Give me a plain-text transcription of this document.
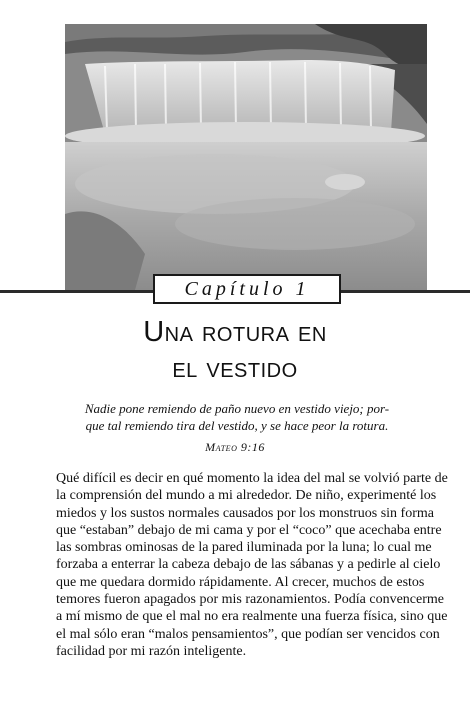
Capítulo 1
Una rotura en
el vestido
Nadie pone remiendo de paño nuevo en vestido viejo; por-
que tal remiendo tira del vestido, y se hace peor la rotura.
Mateo 9:16
Qué difícil es decir en qué momento la idea del mal se volvió parte de
la comprensión del mundo a mi alrededor. De niño, experimenté los
miedos y los sustos normales causados por los monstruos sin forma
que “estaban” debajo de mi cama y por el “coco” que acechaba entre
las sombras ominosas de la pared iluminada por la luna; lo cual me
forzaba a enterrar la cabeza debajo de las sábanas y a pedirle al cielo
que me quedara dormido rápidamente. Al crecer, muchos de estos
temores fueron apagados por mis razonamientos. Podía convencerme
a mí mismo de que el mal no era realmente una fuerza física, sino que
el mal sólo eran “malos pensamientos”, que podían ser vencidos con
facilidad por mi razón inteligente.
